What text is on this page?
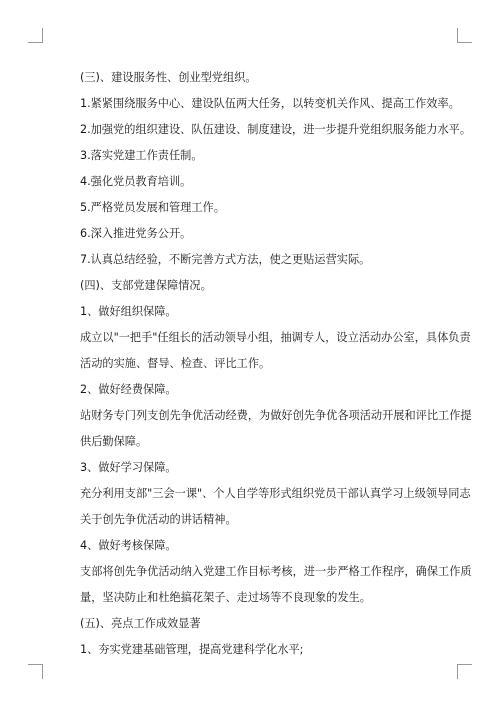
(三)、建设服务性、创业型党组织。
1.紧紧围绕服务中心、建设队伍两大任务，以转变机关作风、提高工作效率。
2.加强党的组织建设、队伍建设、制度建设，进一步提升党组织服务能力水平。
3.落实党建工作责任制。
4.强化党员教育培训。
5.严格党员发展和管理工作。
6.深入推进党务公开。
7.认真总结经验，不断完善方式方法，使之更贴运营实际。
(四)、支部党建保障情况。
1、做好组织保障。
成立以"一把手"任组长的活动领导小组，抽调专人，设立活动办公室，具体负责
活动的实施、督导、检查、评比工作。
2、做好经费保障。
站财务专门列支创先争优活动经费，为做好创先争优各项活动开展和评比工作提
供后勤保障。
3、做好学习保障。
充分利用支部"三会一课"、个人自学等形式组织党员干部认真学习上级领导同志
关于创先争优活动的讲话精神。
4、做好考核保障。
支部将创先争优活动纳入党建工作目标考核，进一步严格工作程序，确保工作质
量，坚决防止和杜绝搞花架子、走过场等不良现象的发生。
(五)、亮点工作成效显著
1、夯实党建基础管理，提高党建科学化水平;
